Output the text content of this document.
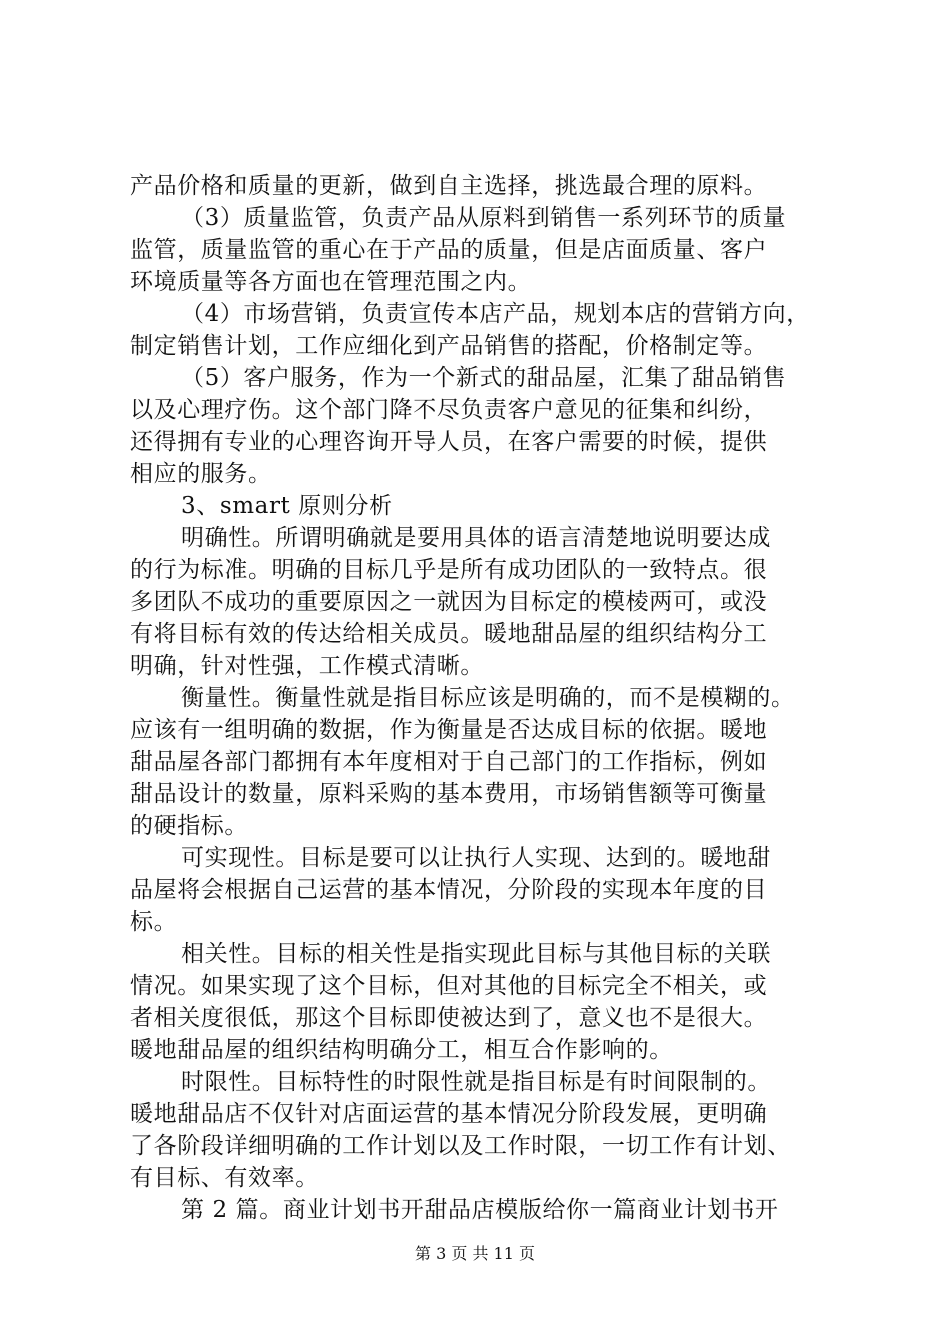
产品价格和质量的更新，做到自主选择，挑选最合理的原料。
（3）质量监管，负责产品从原料到销售一系列环节的质量
监管，质量监管的重心在于产品的质量，但是店面质量、客户
环境质量等各方面也在管理范围之内。
（4）市场营销，负责宣传本店产品，规划本店的营销方向，
制定销售计划，工作应细化到产品销售的搭配，价格制定等。
（5）客户服务，作为一个新式的甜品屋，汇集了甜品销售
以及心理疗伤。这个部门降不尽负责客户意见的征集和纠纷，
还得拥有专业的心理咨询开导人员，在客户需要的时候，提供
相应的服务。
3、smart 原则分析
明确性。所谓明确就是要用具体的语言清楚地说明要达成
的行为标准。明确的目标几乎是所有成功团队的一致特点。很
多团队不成功的重要原因之一就因为目标定的模棱两可，或没
有将目标有效的传达给相关成员。暖地甜品屋的组织结构分工
明确，针对性强，工作模式清晰。
衡量性。衡量性就是指目标应该是明确的，而不是模糊的。
应该有一组明确的数据，作为衡量是否达成目标的依据。暖地
甜品屋各部门都拥有本年度相对于自己部门的工作指标，例如
甜品设计的数量，原料采购的基本费用，市场销售额等可衡量
的硬指标。
可实现性。目标是要可以让执行人实现、达到的。暖地甜
品屋将会根据自己运营的基本情况，分阶段的实现本年度的目
标。
相关性。目标的相关性是指实现此目标与其他目标的关联
情况。如果实现了这个目标，但对其他的目标完全不相关，或
者相关度很低，那这个目标即使被达到了，意义也不是很大。
暖地甜品屋的组织结构明确分工，相互合作影响的。
时限性。目标特性的时限性就是指目标是有时间限制的。
暖地甜品店不仅针对店面运营的基本情况分阶段发展，更明确
了各阶段详细明确的工作计划以及工作时限，一切工作有计划、
有目标、有效率。
第 2 篇。商业计划书开甜品店模版给你一篇商业计划书开
第 3 页 共 11 页
